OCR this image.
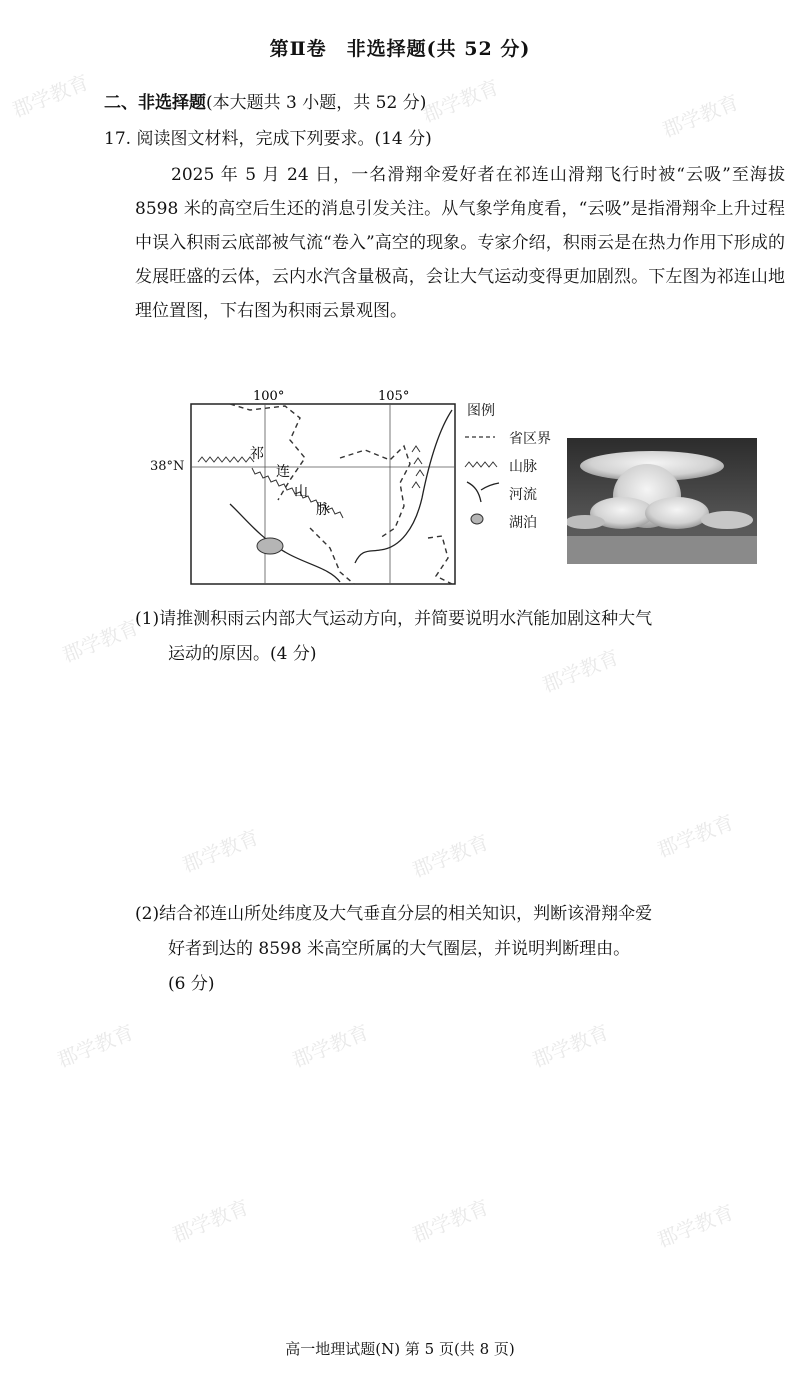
郡学教育	郡学教育	郡学教育
郡学教育
郡学教育
郡学教育	郡学教育	郡学教育
郡学教育	郡学教育	郡学教育
郡学教育	郡学教育	郡学教育
第Ⅱ卷　非选择题(共 52 分)
二、非选择题(本大题共 3 小题，共 52 分)
17. 阅读图文材料，完成下列要求。(14 分)
2025 年 5 月 24 日，一名滑翔伞爱好者在祁连山滑翔飞行时被“云吸”至海拔 8598 米的高空后生还的消息引发关注。从气象学角度看，“云吸”是指滑翔伞上升过程中误入积雨云底部被气流“卷入”高空的现象。专家介绍，积雨云是在热力作用下形成的发展旺盛的云体，云内水汽含量极高，会让大气运动变得更加剧烈。下左图为祁连山地理位置图，下右图为积雨云景观图。
100°	105°
祁
连
山
脉
38°N
图例
省区界
山脉
河流
湖泊
(1)请推测积雨云内部大气运动方向，并简要说明水汽能加剧这种大气
运动的原因。(4 分)
(2)结合祁连山所处纬度及大气垂直分层的相关知识，判断该滑翔伞爱
好者到达的 8598 米高空所属的大气圈层，并说明判断理由。
(6 分)
高一地理试题(N) 第 5 页(共 8 页)
